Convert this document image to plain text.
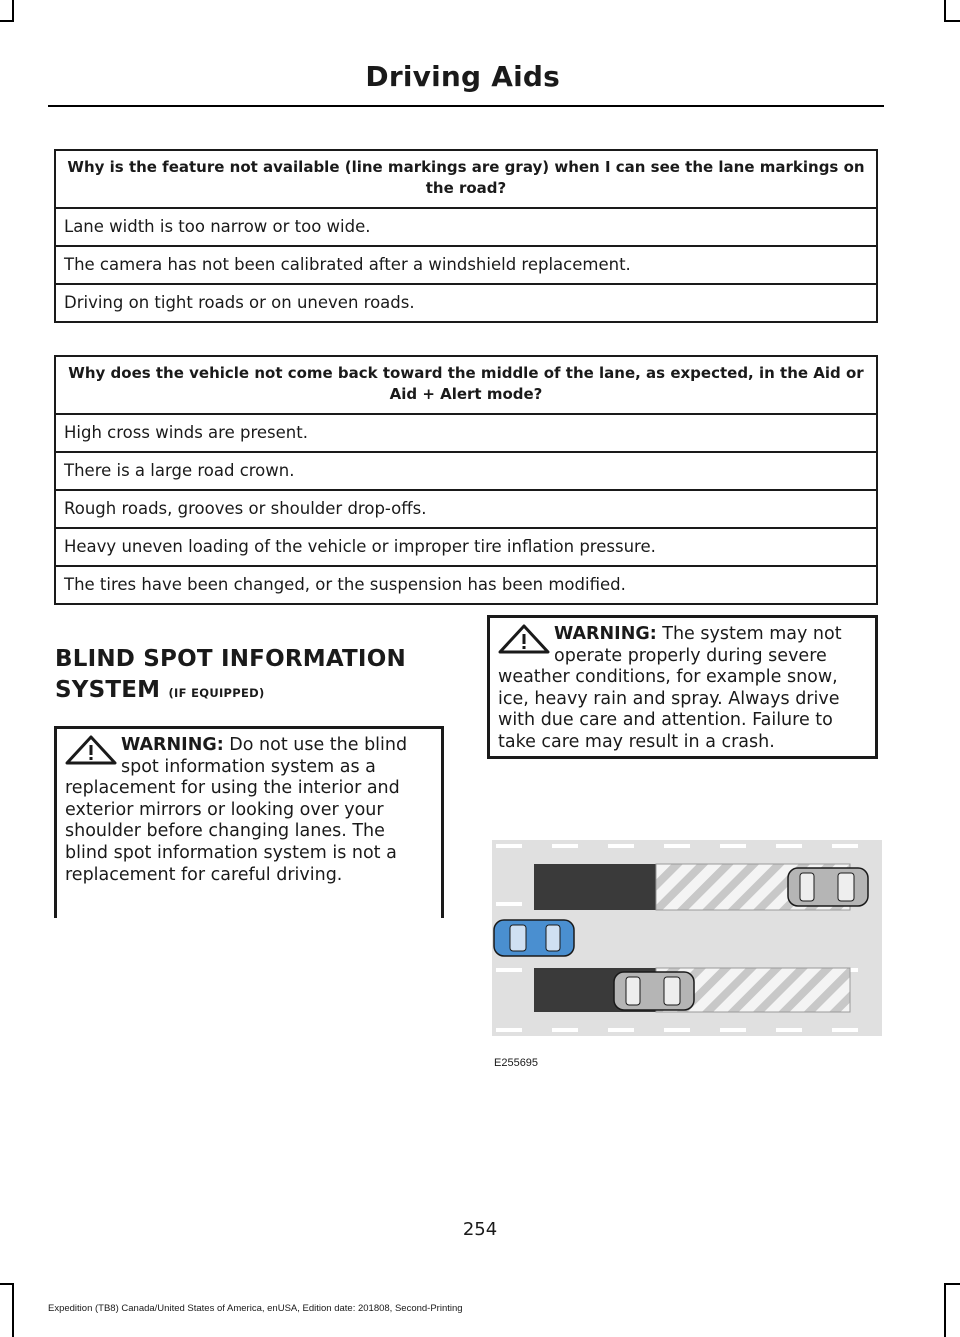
Driving Aids
Why is the feature not available (line markings are gray) when I can see the lane markings on the road?
Lane width is too narrow or too wide.
The camera has not been calibrated after a windshield replacement.
Driving on tight roads or on uneven roads.
Why does the vehicle not come back toward the middle of the lane, as expected, in the Aid or Aid + Alert mode?
High cross winds are present.
There is a large road crown.
Rough roads, grooves or shoulder drop-offs.
Heavy uneven loading of the vehicle or improper tire inflation pressure.
The tires have been changed, or the suspension has been modified.
BLIND SPOT INFORMATION SYSTEM (IF EQUIPPED)
WARNING: Do not use the blind spot information system as a replacement for using the interior and exterior mirrors or looking over your shoulder before changing lanes. The blind spot information system is not a replacement for careful driving.
WARNING: The system may not operate properly during severe weather conditions, for example snow, ice, heavy rain and spray. Always drive with due care and attention. Failure to take care may result in a crash.
E255695
254
Expedition (TB8) Canada/United States of America, enUSA, Edition date: 201808, Second-Printing
